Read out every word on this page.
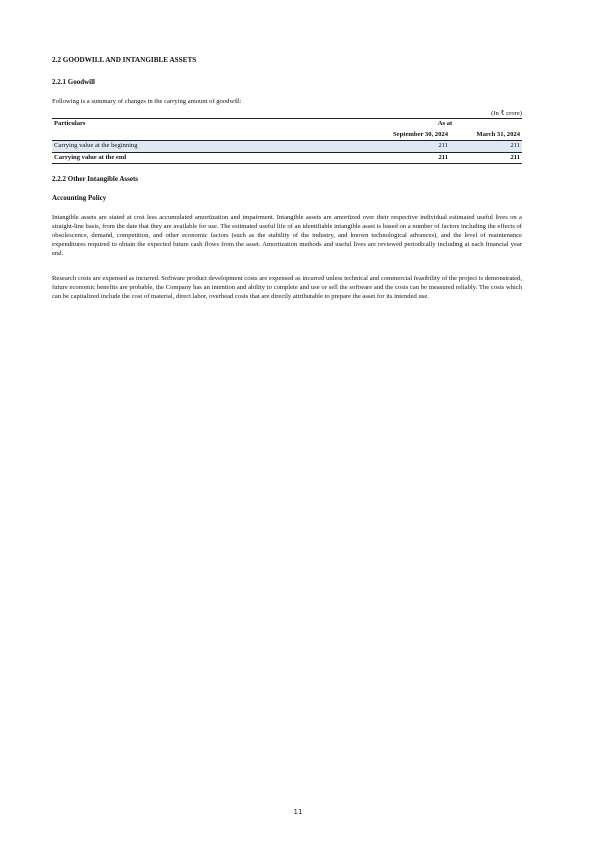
2.2 GOODWILL AND INTANGIBLE ASSETS
2.2.1 Goodwill
Following is a summary of changes in the carrying amount of goodwill:
(In ₹ crore)
Particulars	As at	
	September 30, 2024	March 31, 2024
Carrying value at the beginning	211	211
Carrying value at the end	211	211
2.2.2 Other Intangible Assets
Accounting Policy

Intangible assets are stated at cost less accumulated amortization and impairment. Intangible assets are amortized over their respective individual estimated useful lives on a straight-line basis, from the date that they are available for use. The estimated useful life of an identifiable intangible asset is based on a number of factors including the effects of obsolescence, demand, competition, and other economic factors (such as the stability of the industry, and known technological advances), and the level of maintenance expenditures required to obtain the expected future cash flows from the asset. Amortization methods and useful lives are reviewed periodically including at each financial year end.

Research costs are expensed as incurred. Software product development costs are expensed as incurred unless technical and commercial feasibility of the project is demonstrated, future economic benefits are probable, the Company has an intention and ability to complete and use or sell the software and the costs can be measured reliably. The costs which can be capitalized include the cost of material, direct labor, overhead costs that are directly attributable to prepare the asset for its intended use.

11
